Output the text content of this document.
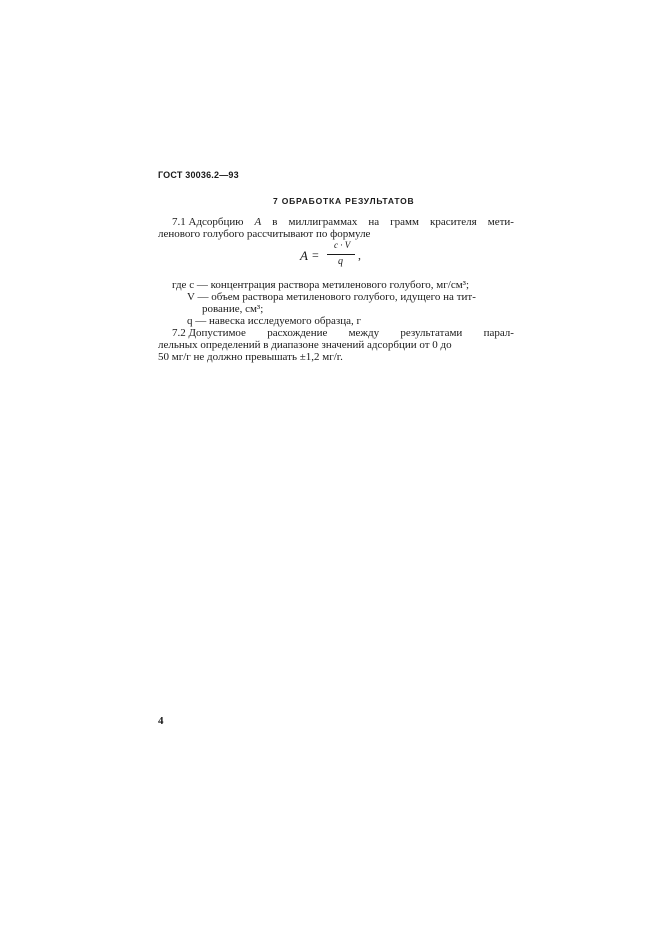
ГОСТ 30036.2—93
7 ОБРАБОТКА РЕЗУЛЬТАТОВ
7.1 Адсорбцию A в миллиграммах на грамм красителя мети-
ленового голубого рассчитывают по формуле
A =
c · V
q ,
где c — концентрация раствора метиленового голубого, мг/см³;
V — объем раствора метиленового голубого, идущего на тит-
рование, см³;
q — навеска исследуемого образца, г
7.2 Допустимое расхождение между результатами парал-
лельных определений в диапазоне значений адсорбции от 0 до
50 мг/г не должно превышать ±1,2 мг/г.
4
